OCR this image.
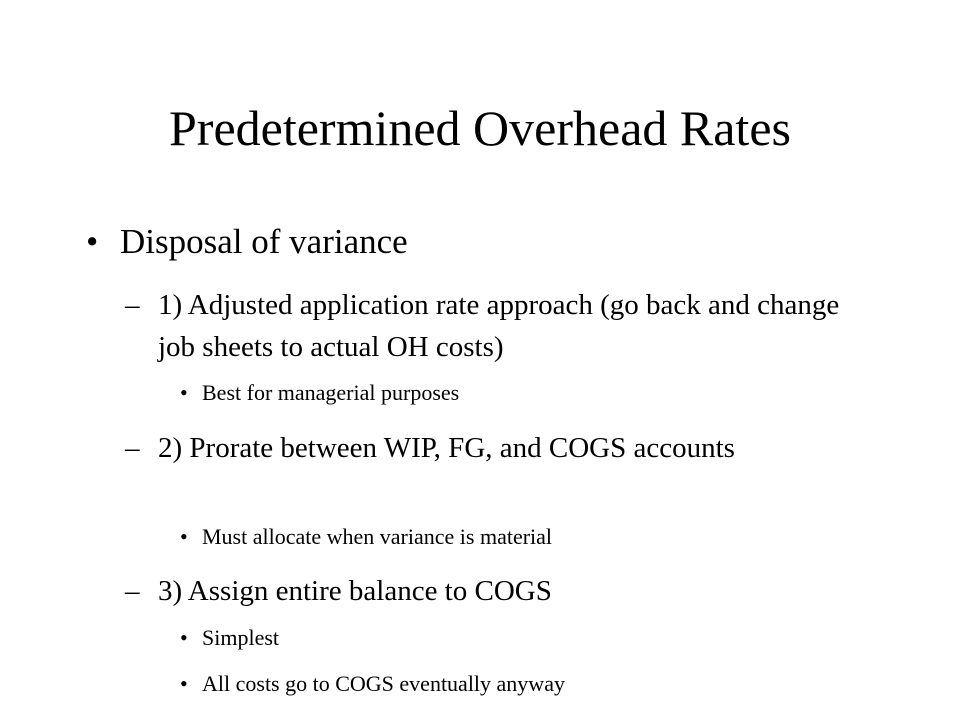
Predetermined Overhead Rates
• Disposal of variance
– 1) Adjusted application rate approach (go back and change job sheets to actual OH costs)
• Best for managerial purposes
– 2) Prorate between WIP, FG, and COGS accounts
• Must allocate when variance is material
– 3) Assign entire balance to COGS
• Simplest
• All costs go to COGS eventually anyway
